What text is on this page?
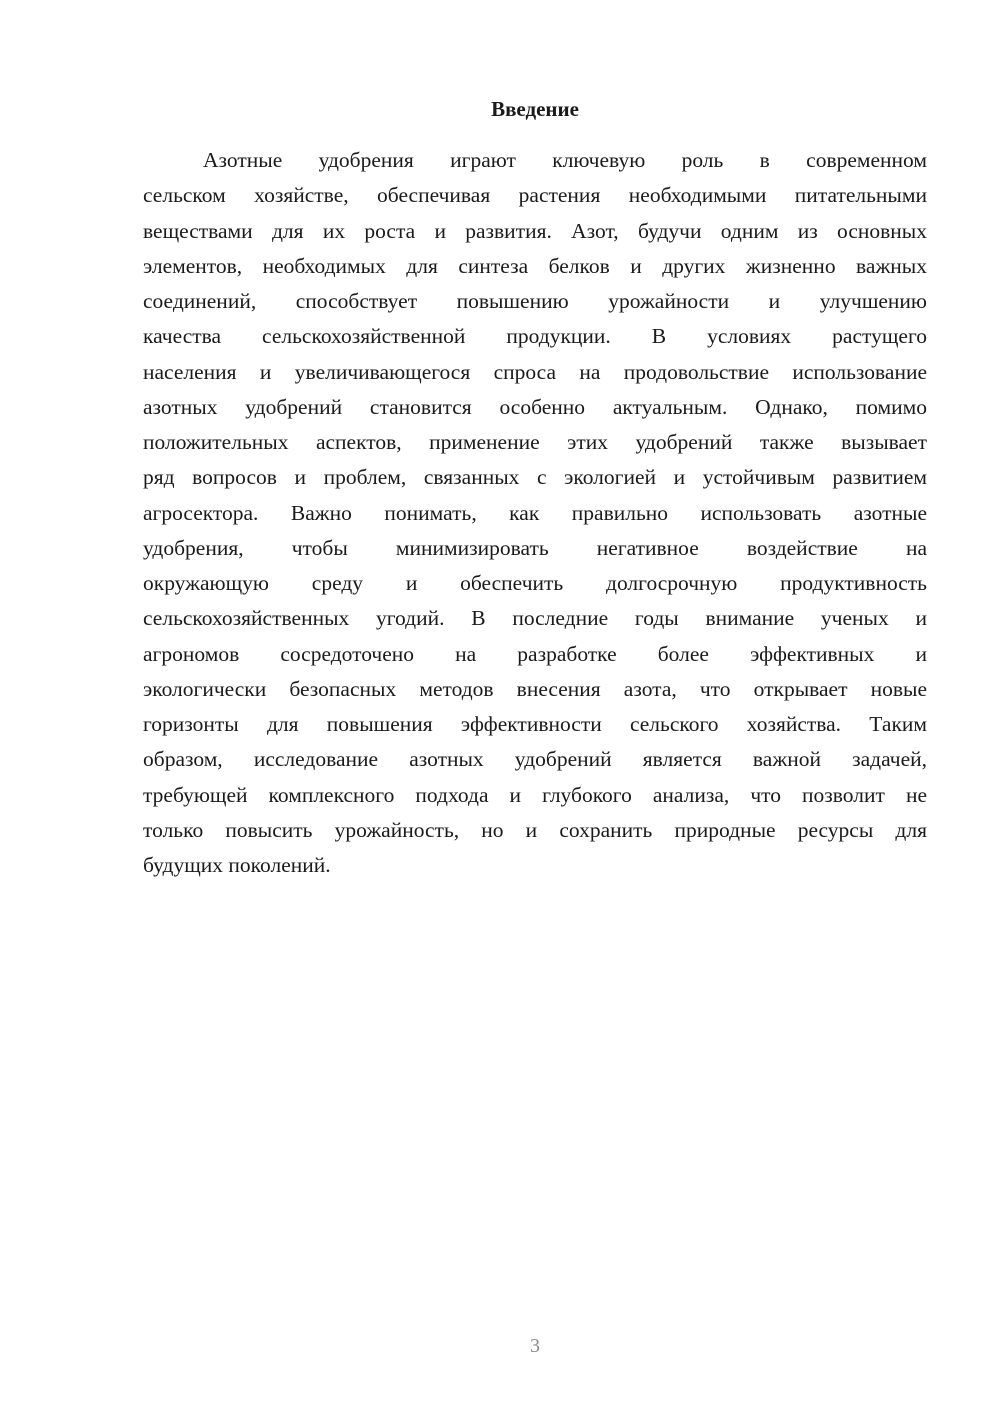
Введение
Азотные удобрения играют ключевую роль в современном
сельском хозяйстве, обеспечивая растения необходимыми питательными
веществами для их роста и развития. Азот, будучи одним из основных
элементов, необходимых для синтеза белков и других жизненно важных
соединений, способствует повышению урожайности и улучшению
качества сельскохозяйственной продукции. В условиях растущего
населения и увеличивающегося спроса на продовольствие использование
азотных удобрений становится особенно актуальным. Однако, помимо
положительных аспектов, применение этих удобрений также вызывает
ряд вопросов и проблем, связанных с экологией и устойчивым развитием
агросектора. Важно понимать, как правильно использовать азотные
удобрения, чтобы минимизировать негативное воздействие на
окружающую среду и обеспечить долгосрочную продуктивность
сельскохозяйственных угодий. В последние годы внимание ученых и
агрономов сосредоточено на разработке более эффективных и
экологически безопасных методов внесения азота, что открывает новые
горизонты для повышения эффективности сельского хозяйства. Таким
образом, исследование азотных удобрений является важной задачей,
требующей комплексного подхода и глубокого анализа, что позволит не
только повысить урожайность, но и сохранить природные ресурсы для
будущих поколений.
3
